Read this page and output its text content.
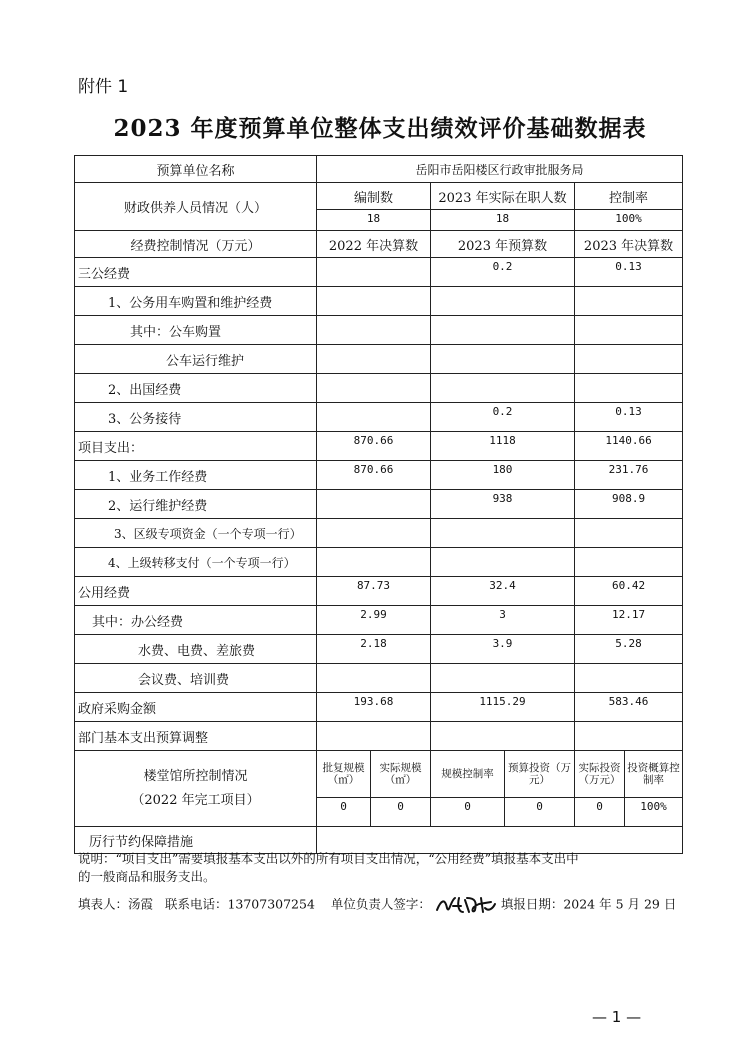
附件 1
2023 年度预算单位整体支出绩效评价基础数据表
预算单位名称	岳阳市岳阳楼区行政审批服务局					
财政供养人员情况（人）	编制数		2023 年实际在职人数		控制率	
	18		18		100%	
经费控制情况（万元）	2022 年决算数		2023 年预算数		2023 年决算数	
三公经费			0.2		0.13	
1、公务用车购置和维护经费						
其中：公车购置						
公车运行维护						
2、出国经费						
3、公务接待			0.2		0.13	
项目支出：	870.66		1118		1140.66	
1、业务工作经费	870.66		180		231.76	
2、运行维护经费			938		908.9	
3、区级专项资金（一个专项一行）						
4、上级转移支付（一个专项一行）						
公用经费	87.73		32.4		60.42	
其中：办公经费	2.99		3		12.17	
水费、电费、差旅费	2.18		3.9		5.28	
会议费、培训费						
政府采购金额	193.68		1115.29		583.46	
部门基本支出预算调整						

楼堂馆所控制情况
（2022 年完工项目）	批复规模（㎡）	实际规模（㎡）	规模控制率	预算投资（万元）	实际投资（万元）	投资概算控制率
	0	0	0	0	0	100%
厉行节约保障措施						
说明：“项目支出”需要填报基本支出以外的所有项目支出情况，“公用经费”填报基本支出中
的一般商品和服务支出。
填表人：汤霞 联系电话：13707307254 单位负责人签字：	填报日期：2024 年 5 月 29 日
— 1 —
